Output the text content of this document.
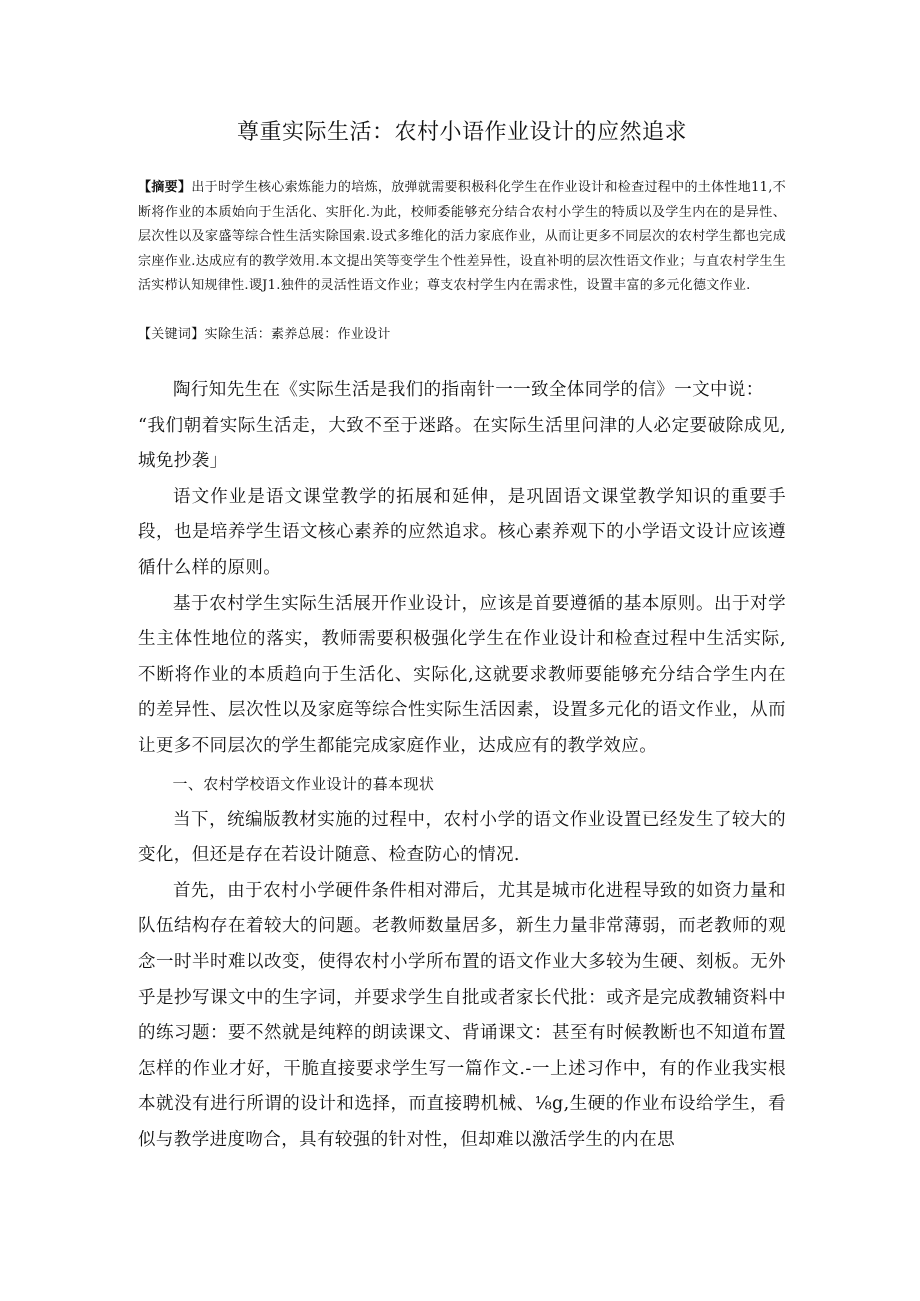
尊重实际生活：农村小语作业设计的应然追求
【摘要】出于时学生核心索炼能力的培炼，放弹就需要积极科化学生在作业设计和检查过程中的土体性地11,不断将作业的本质始向于生活化、实肝化.为此，校师委能够充分结合农村小学生的特质以及学生内在的是异性、层次性以及家盛等综合性生活实除国索.设式多维化的活力家底作业，从而让更多不同层次的农村学生都也完成宗座作业.达成应有的教学效用.本文提出笑等变学生个性差异性，设直补明的层次性语文作业；与直农村学生生活实栉认知规律性.谡J1.独件的灵活性语文作业；尊支农村学生内在需求性，设置丰富的多元化德文作业.
【关键词】实除生活：素养总展：作业设计

陶行知先生在《实际生活是我们的指南针一一致全体同学的信》一文中说：

“我们朝着实际生活走，大致不至于迷路。在实际生活里问津的人必定要破除成见,城免抄袭」

语文作业是语文课堂教学的拓展和延伸，是巩固语文课堂教学知识的重要手段，也是培养学生语文核心素养的应然追求。核心素养观下的小学语文设计应该遵循什么样的原则。

基于农村学生实际生活展开作业设计，应该是首要遵循的基本原则。出于对学生主体性地位的落实，教师需要积极强化学生在作业设计和检查过程中生活实际,不断将作业的本质趋向于生活化、实际化,这就要求教师要能够充分结合学生内在的差异性、层次性以及家庭等综合性实际生活因素，设置多元化的语文作业，从而让更多不同层次的学生都能完成家庭作业，达成应有的教学效应。

一、农村学校语文作业设计的暮本现状

当下，统编版教材实施的过程中，农村小学的语文作业设置已经发生了较大的变化，但还是存在若设计随意、检查防心的情况.

首先，由于农村小学硬件条件相对滞后，尤其是城市化进程导致的如资力量和队伍结构存在着较大的问题。老教师数量居多，新生力量非常薄弱，而老教师的观念一时半时难以改变，使得农村小学所布置的语文作业大多较为生硬、刻板。无外乎是抄写课文中的生字词，并要求学生自批或者家长代批：或齐是完成教辅资料中的练习题：要不然就是纯粹的朗读课文、背诵课文：甚至有时候教断也不知道布置怎样的作业才好，干脆直接要求学生写一篇作文.-一上述习作中，有的作业我实根本就没有进行所谓的设计和选择，而直接聘机械、⅛g,生硬的作业布设给学生，看似与教学进度吻合，具有较强的针对性，但却难以激活学生的内在思
